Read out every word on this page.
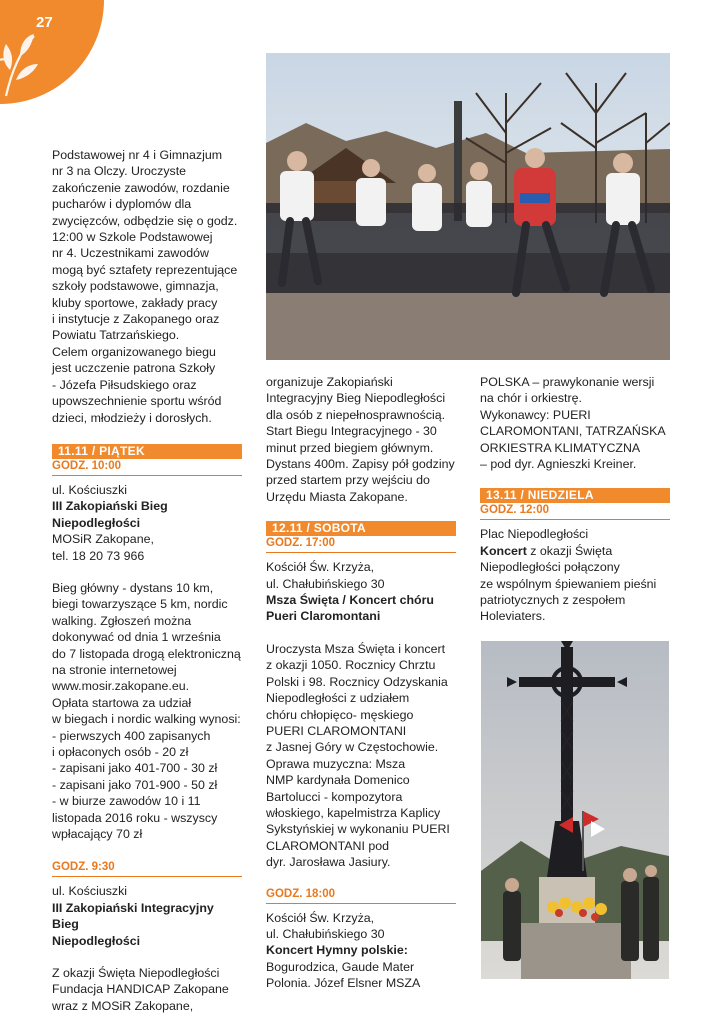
27

Podstawowej nr 4 i Gimnazjum
nr 3 na Olczy. Uroczyste
zakończenie zawodów, rozdanie
pucharów i dyplomów dla
zwycięzców, odbędzie się o godz.
12:00 w Szkole Podstawowej
nr 4. Uczestnikami zawodów
mogą być sztafety reprezentujące
szkoły podstawowe, gimnazja,
kluby sportowe, zakłady pracy
i instytucje z Zakopanego oraz
Powiatu Tatrzańskiego.
Celem organizowanego biegu
jest uczczenie patrona Szkoły
- Józefa Piłsudskiego oraz
upowszechnienie sportu wśród
dzieci, młodzieży i dorosłych.

11.11 / PIĄTEK
GODZ. 10:00

ul. Kościuszki

III Zakopiański Bieg
Niepodległości

MOSiR Zakopane,
tel. 18 20 73 966

Bieg główny - dystans 10 km,
biegi towarzyszące 5 km, nordic
walking. Zgłoszeń można
dokonywać od dnia 1 września
do 7 listopada drogą elektroniczną
na stronie internetowej
www.mosir.zakopane.eu.
Opłata startowa za udział
w biegach i nordic walking wynosi:
- pierwszych 400 zapisanych
i opłaconych osób - 20 zł
- zapisani jako 401-700 - 30 zł
- zapisani jako 701-900 - 50 zł
- w biurze zawodów 10 i 11
listopada 2016 roku - wszyscy
wpłacający 70 zł

GODZ. 9:30

ul. Kościuszki

III Zakopiański Integracyjny Bieg
Niepodległości

Z okazji Święta Niepodległości
Fundacja HANDICAP Zakopane
wraz z MOSiR Zakopane,

organizuje Zakopiański
Integracyjny Bieg Niepodległości
dla osób z niepełnosprawnością.
Start Biegu Integracyjnego - 30
minut przed biegiem głównym.
Dystans 400m. Zapisy pół godziny
przed startem przy wejściu do
Urzędu Miasta Zakopane.

12.11 / SOBOTA
GODZ. 17:00

Kościół Św. Krzyża,
ul. Chałubińskiego 30

Msza Święta / Koncert chóru
Pueri Claromontani

Uroczysta Msza Święta i koncert
z okazji 1050. Rocznicy Chrztu
Polski i 98. Rocznicy Odzyskania
Niepodległości z udziałem
chóru chłopięco- męskiego
PUERI CLAROMONTANI
z Jasnej Góry w Częstochowie.
Oprawa muzyczna: Msza
NMP kardynała Domenico
Bartolucci - kompozytora
włoskiego, kapelmistrza Kaplicy
Sykstyńskiej w wykonaniu PUERI
CLAROMONTANI pod
dyr. Jarosława Jasiury.

GODZ. 18:00

Kościół Św. Krzyża,
ul. Chałubińskiego 30

Koncert Hymny polskie:

Bogurodzica, Gaude Mater
Polonia. Józef Elsner MSZA

POLSKA – prawykonanie wersji
na chór i orkiestrę.
Wykonawcy: PUERI
CLAROMONTANI, TATRZAŃSKA
ORKIESTRA KLIMATYCZNA
– pod dyr. Agnieszki Kreiner.

13.11 / NIEDZIELA
GODZ. 12:00

Plac Niepodległości

Koncert z okazji Święta
Niepodległości połączony
ze wspólnym śpiewaniem pieśni
patriotycznych z zespołem
Holeviaters.
